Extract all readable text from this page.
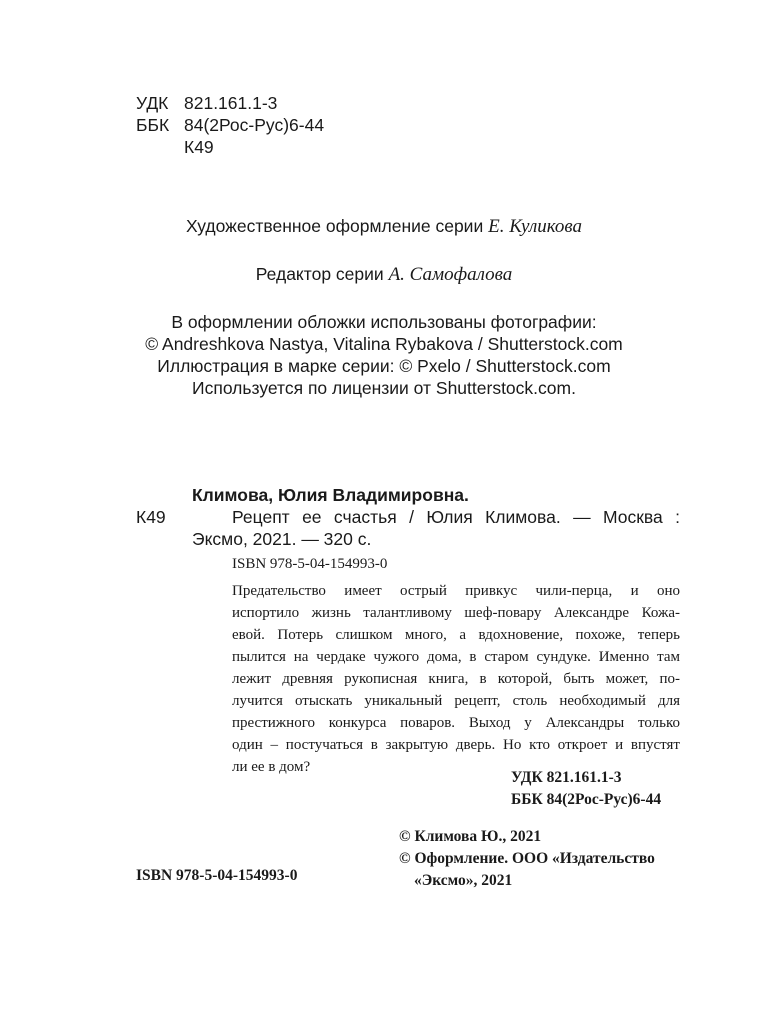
УДК 821.161.1-3
ББК 84(2Рос-Рус)6-44
К49
Художественное оформление серии Е. Куликова
Редактор серии А. Самофалова
В оформлении обложки использованы фотографии:
© Andreshkova Nastya, Vitalina Rybakova / Shutterstock.com
Иллюстрация в марке серии: © Pxelo / Shutterstock.com
Используется по лицензии от Shutterstock.com.
Климова, Юлия Владимировна.
К49	Рецепт ее счастья / Юлия Климова. — Москва :
Эксмо, 2021. — 320 с.
ISBN 978-5-04-154993-0
Предательство имеет острый привкус чили-перца, и оно
испортило жизнь талантливому шеф-повару Александре Кожа-
евой. Потерь слишком много, а вдохновение, похоже, теперь
пылится на чердаке чужого дома, в старом сундуке. Именно там
лежит древняя рукописная книга, в которой, быть может, по-
лучится отыскать уникальный рецепт, столь необходимый для
престижного конкурса поваров. Выход у Александры только
один – постучаться в закрытую дверь. Но кто откроет и впустят
ли ее в дом?
УДК 821.161.1-3
ББК 84(2Рос-Рус)6-44
© Климова Ю., 2021
© Оформление. ООО «Издательство
ISBN 978-5-04-154993-0	«Эксмо», 2021
